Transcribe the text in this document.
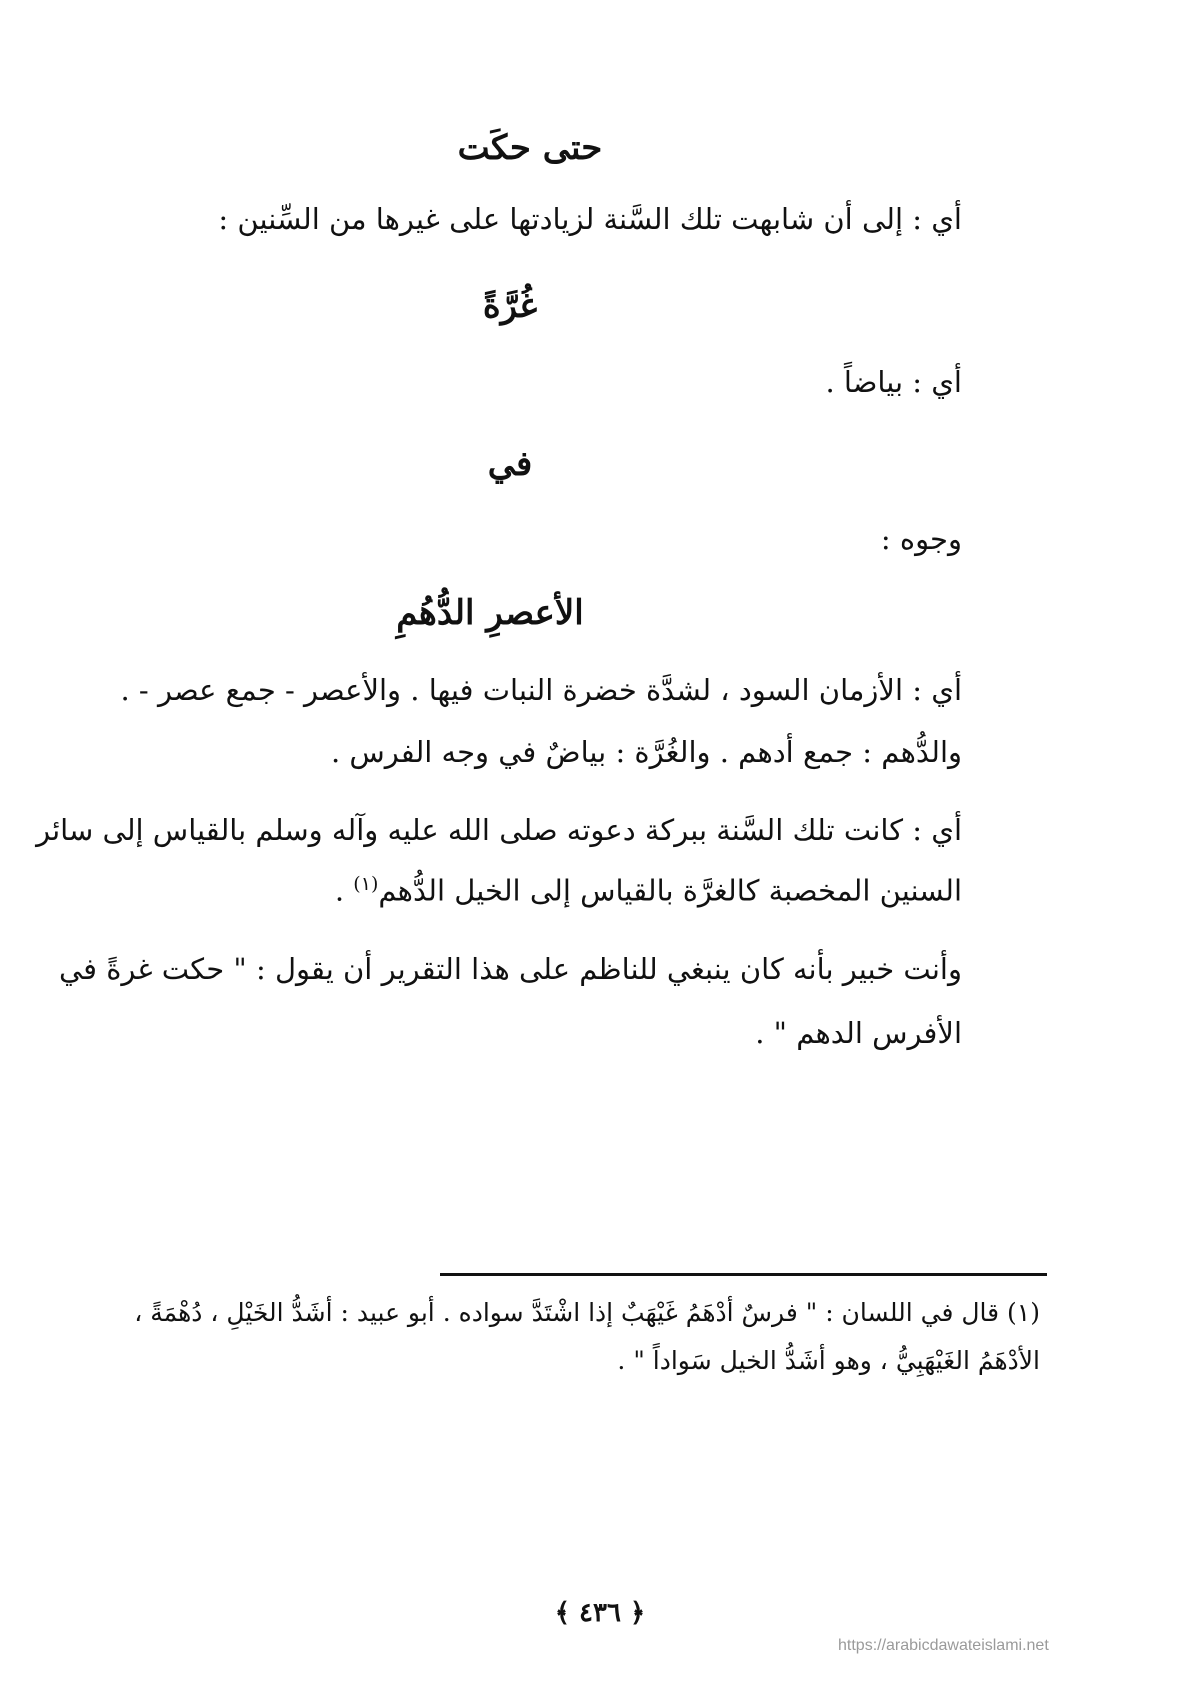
حتى حكَت
أي : إلى أن شابهت تلك السَّنة لزيادتها على غيرها من السِّنين :
غُرَّةً
أي : بياضاً .
في
وجوه :
الأعصرِ الدُّهُمِ
أي : الأزمان السود ، لشدَّة خضرة النبات فيها . والأعصر - جمع عصر - .
والدُّهم : جمع أدهم . والغُرَّة : بياضٌ في وجه الفرس .
أي : كانت تلك السَّنة ببركة دعوته صلى الله عليه وآله وسلم بالقياس إلى سائر
السنين المخصبة كالغرَّة بالقياس إلى الخيل الدُّهم$^{(١)}$ .
وأنت خبير بأنه كان ينبغي للناظم على هذا التقرير أن يقول : " حكت غرةً في
الأفرس الدهم " .
(١) قال في اللسان : " فرسٌ أدْهَمُ غَيْهَبٌ إذا اشْتَدَّ سواده . أبو عبيد : أشَدُّ الخَيْلِ ، دُهْمَةً ،
الأدْهَمُ الغَيْهَبِيُّ ، وهو أشَدُّ الخيل سَواداً " .
﴿ ٤٣٦ ﴾
https://arabicdawateislami.net
